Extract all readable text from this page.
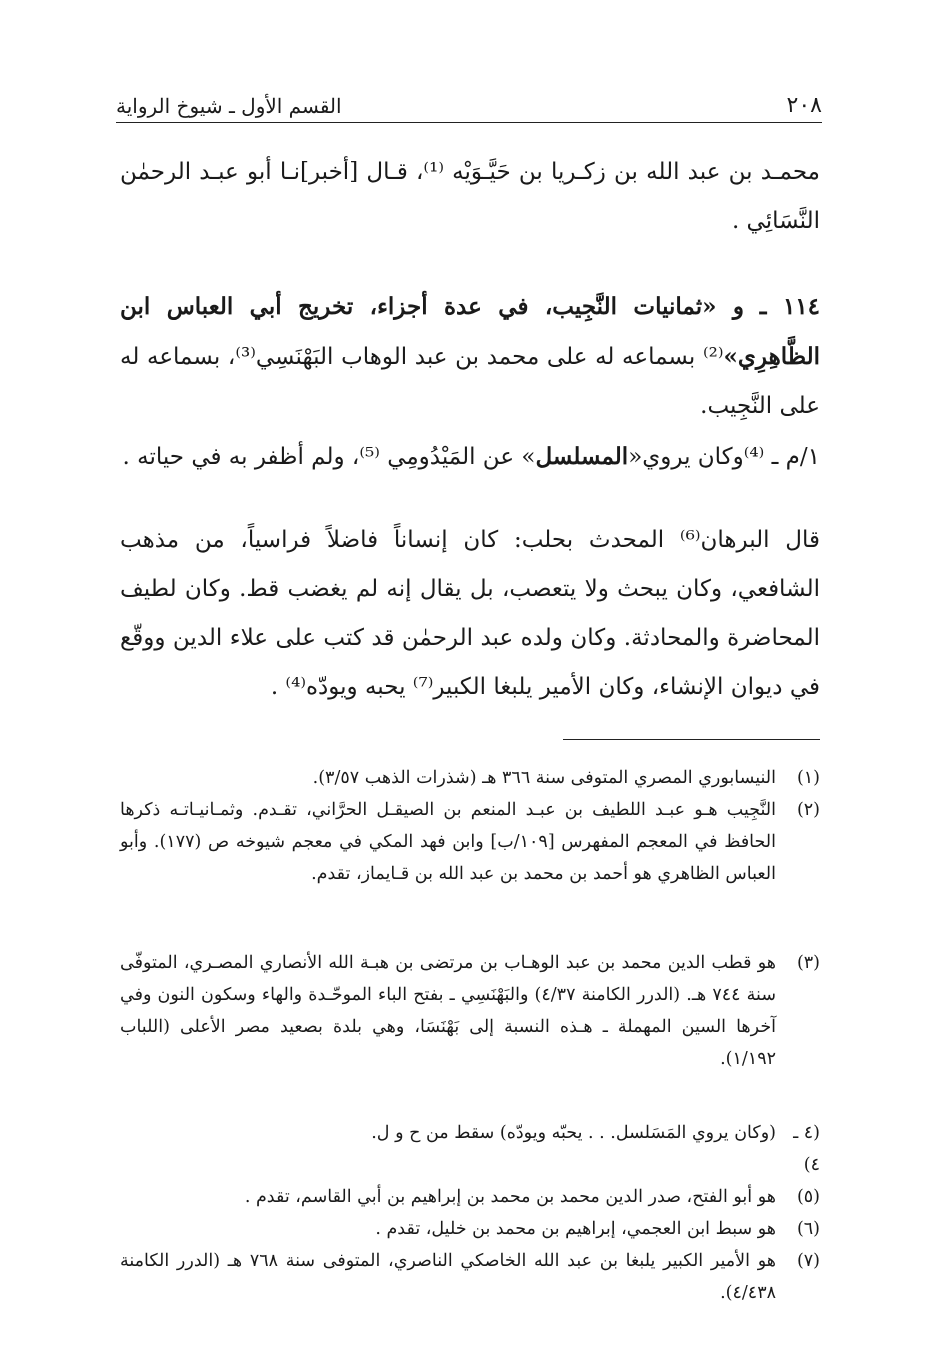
٢٠٨
القسم الأول ـ شيوخ الرواية
محمـد بن عبد الله بن زكـريا بن حَيَّـوَيْه ⁽¹⁾، قـال [أخبر]نـا أبو عبـد الرحمٰن النَّسَائِي .
١١٤ ـ و «ثمانيات النَّجِيب، في عدة أجزاء، تخريج أبي العباس ابن الظَّاهِرِي»⁽²⁾ بسماعه له على محمد بن عبد الوهاب البَهْنَسِي⁽³⁾، بسماعه له على النَّجِيب.
١/م ـ ⁽⁴⁾وكان يروي«المسلسل» عن المَيْدُومِي ⁽⁵⁾، ولم أظفر به في حياته .
قال البرهان⁽⁶⁾ المحدث بحلب: كان إنساناً فاضلاً فراسياً، من مذهب الشافعي، وكان يبحث ولا يتعصب، بل يقال إنه لم يغضب قط. وكان لطيف المحاضرة والمحادثة. وكان ولده عبد الرحمٰن قد كتب على علاء الدين ووقّع في ديوان الإنشاء، وكان الأمير يلبغا الكبير⁽⁷⁾ يحبه ويودّه⁽⁴⁾ .
(١)
النيسابوري المصري المتوفى سنة ٣٦٦ هـ (شذرات الذهب ٣/٥٧).
(٢)
النَّجِيب هـو عبـد اللطيف بن عبـد المنعم بن الصيقـل الحرَّاني، تقـدم. وثمـانيـاتـه ذكرها الحافظ في المعجم المفهرس [١٠٩/ب] وابن فهد المكي في معجم شيوخه ص (١٧٧). وأبو العباس الظاهري هو أحمد بن محمد بن عبد الله بن قـايماز، تقدم.
(٣)
هو قطب الدين محمد بن عبد الوهـاب بن مرتضى بن هبـة الله الأنصاري المصـري، المتوفّى سنة ٧٤٤ هـ. (الدرر الكامنة ٤/٣٧) والبَهْنَسِي ـ بفتح الباء الموحّـدة والهاء وسكون النون وفي آخرها السين المهملة ـ هـذه النسبة إلى بَهْنَسَا، وهي بلدة بصعيد مصر الأعلى (اللباب ١/١٩٢).
(٤ ـ ٤)
(وكان يروي المَسَلسل. . . يحبّه ويودّه) سقط من ح و ل.
(٥)
هو أبو الفتح، صدر الدين محمد بن محمد بن إبراهيم بن أبي القاسم، تقدم .
(٦)
هو سبط ابن العجمي، إبراهيم بن محمد بن خليل، تقدم .
(٧)
هو الأمير الكبير يلبغا بن عبد الله الخاصكي الناصري، المتوفى سنة ٧٦٨ هـ (الدرر الكامنة ٤/٤٣٨).
